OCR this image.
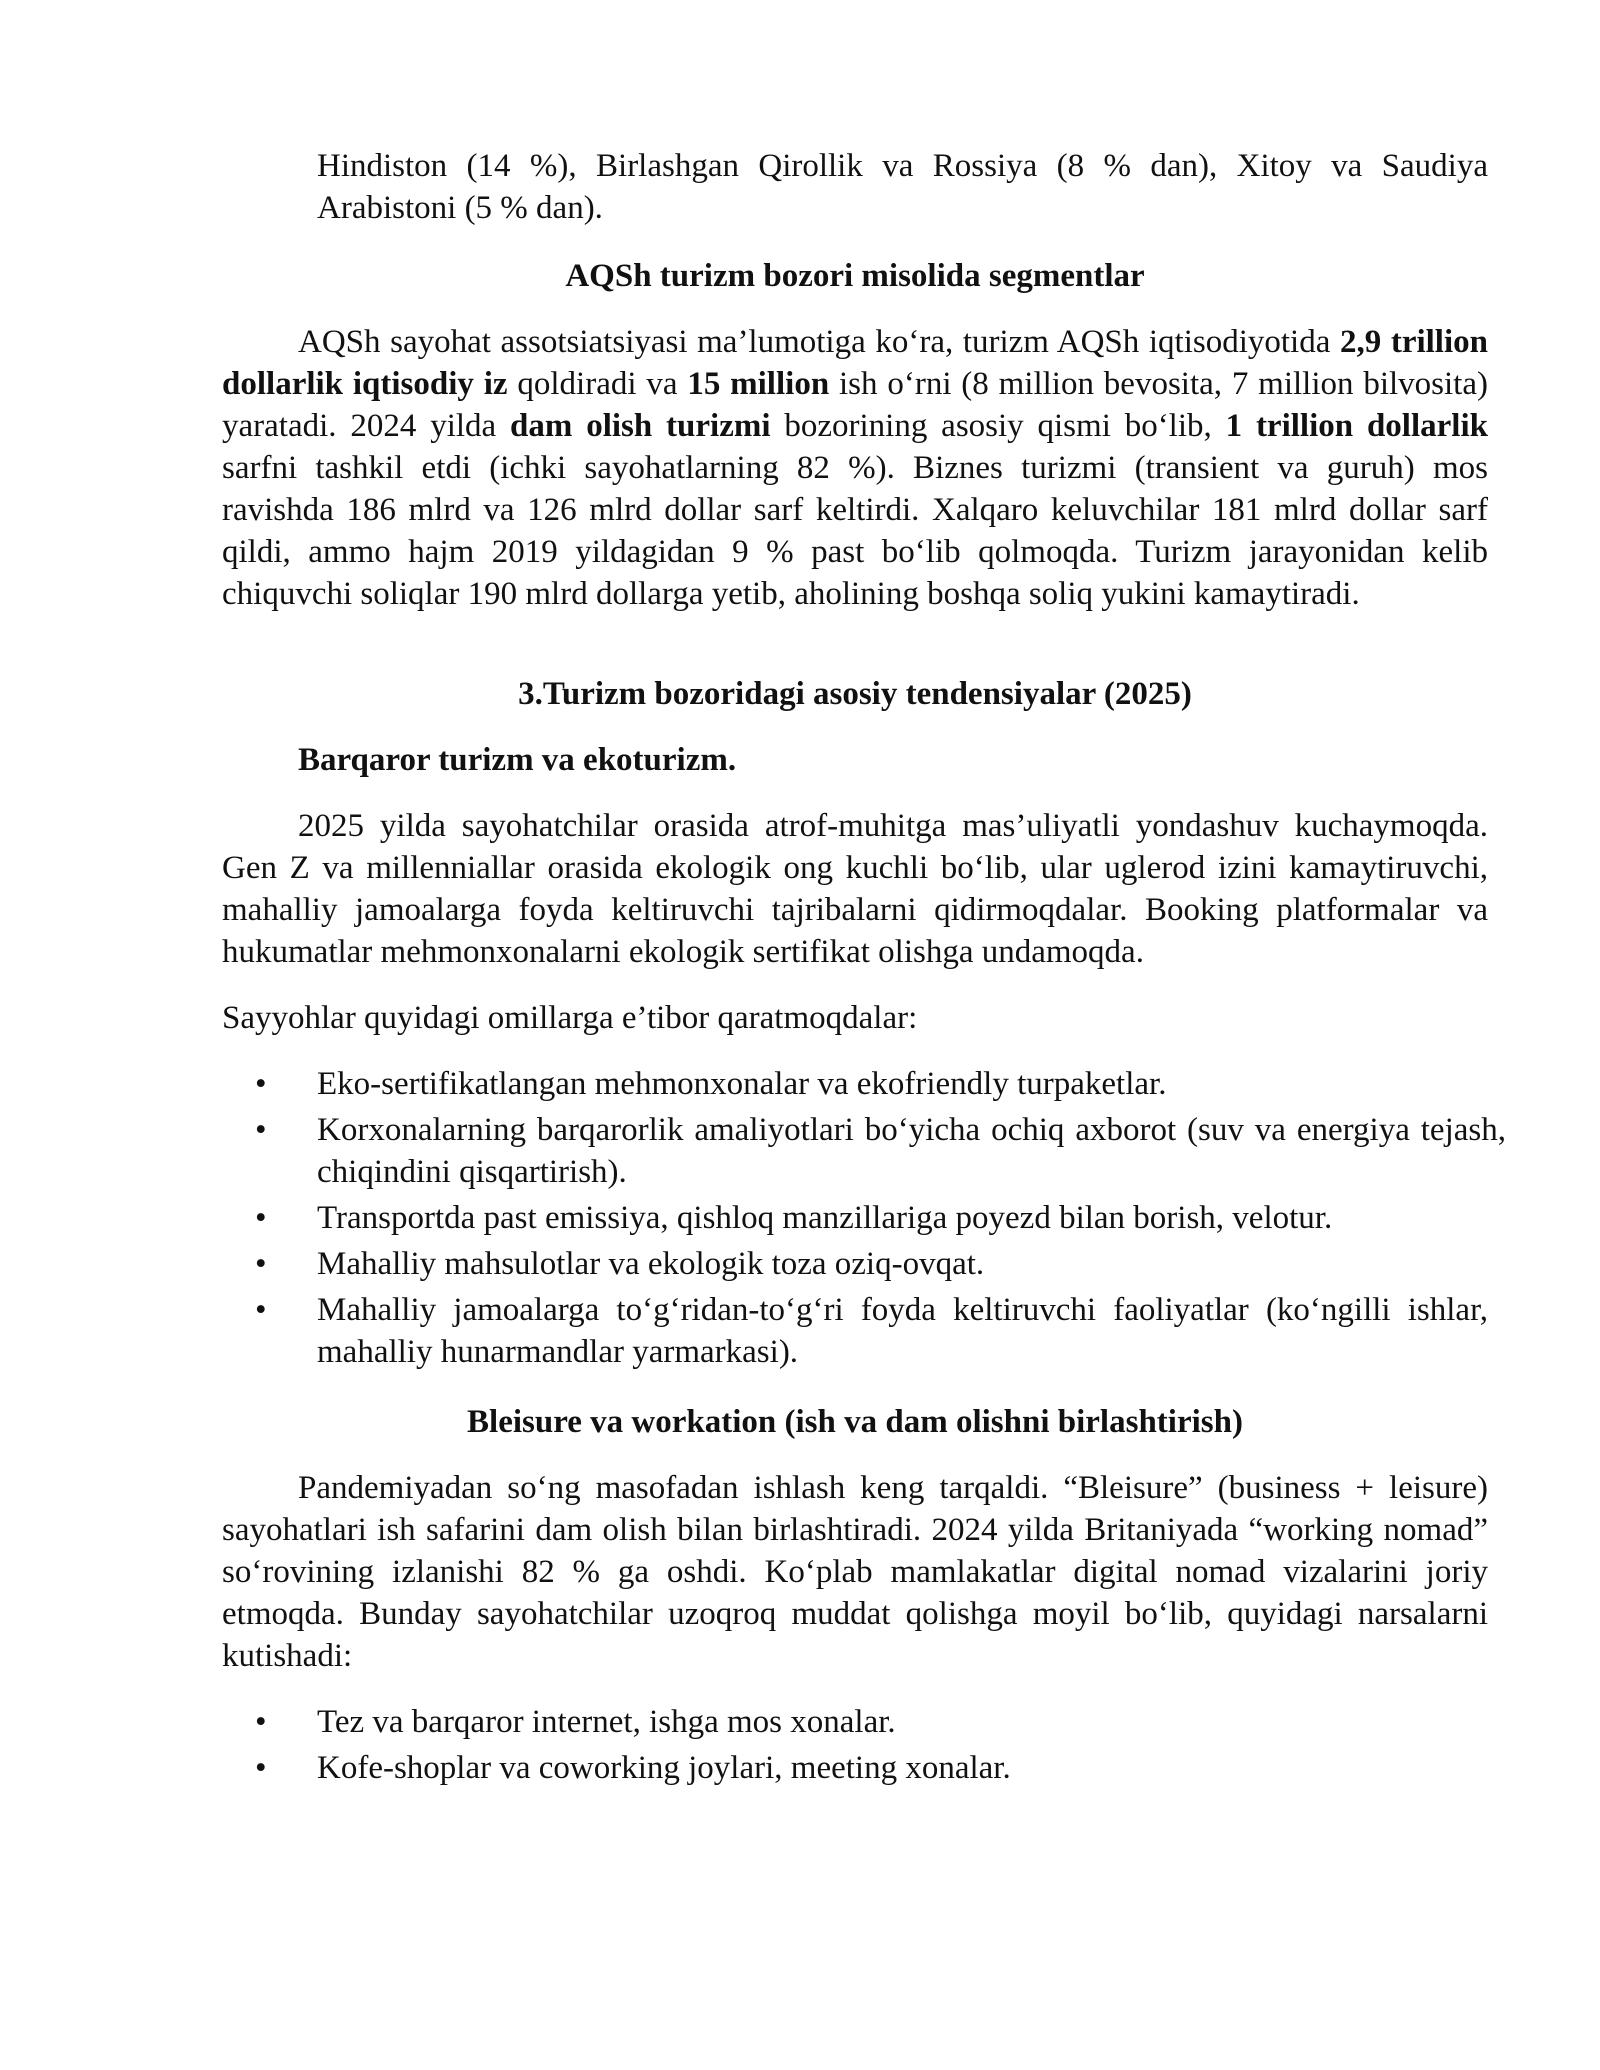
Hindiston (14 %), Birlashgan Qirollik va Rossiya (8 % dan), Xitoy va Saudiya Arabistoni (5 % dan).

AQSh turizm bozori misolida segmentlar

AQSh sayohat assotsiatsiyasi ma’lumotiga ko‘ra, turizm AQSh iqtisodiyotida 2,9 trillion dollarlik iqtisodiy iz qoldiradi va 15 million ish o‘rni (8 million bevosita, 7 million bilvosita) yaratadi. 2024 yilda dam olish turizmi bozorining asosiy qismi bo‘lib, 1 trillion dollarlik sarfni tashkil etdi (ichki sayohatlarning 82 %). Biznes turizmi (transient va guruh) mos ravishda 186 mlrd va 126 mlrd dollar sarf keltirdi. Xalqaro keluvchilar 181 mlrd dollar sarf qildi, ammo hajm 2019 yildagidan 9 % past bo‘lib qolmoqda. Turizm jarayonidan kelib chiquvchi soliqlar 190 mlrd dollarga yetib, aholining boshqa soliq yukini kamaytiradi.

3.Turizm bozoridagi asosiy tendensiyalar (2025)
Barqaror turizm va ekoturizm.

2025 yilda sayohatchilar orasida atrof-muhitga mas’uliyatli yondashuv kuchaymoqda. Gen Z va millenniallar orasida ekologik ong kuchli bo‘lib, ular uglerod izini kamaytiruvchi, mahalliy jamoalarga foyda keltiruvchi tajribalarni qidirmoqdalar. Booking platformalar va hukumatlar mehmonxonalarni ekologik sertifikat olishga undamoqda.

Sayyohlar quyidagi omillarga e’tibor qaratmoqdalar:

• Eko-sertifikatlangan mehmonxonalar va ekofriendly turpaketlar.
• Korxonalarning barqarorlik amaliyotlari bo‘yicha ochiq axborot (suv va energiya tejash, chiqindini qisqartirish).
• Transportda past emissiya, qishloq manzillariga poyezd bilan borish, velotur.
• Mahalliy mahsulotlar va ekologik toza oziq-ovqat.
• Mahalliy jamoalarga to‘g‘ridan-to‘g‘ri foyda keltiruvchi faoliyatlar (ko‘ngilli ishlar, mahalliy hunarmandlar yarmarkasi).
Bleisure va workation (ish va dam olishni birlashtirish)

Pandemiyadan so‘ng masofadan ishlash keng tarqaldi. “Bleisure” (business + leisure) sayohatlari ish safarini dam olish bilan birlashtiradi. 2024 yilda Britaniyada “working nomad” so‘rovining izlanishi 82 % ga oshdi. Ko‘plab mamlakatlar digital nomad vizalarini joriy etmoqda. Bunday sayohatchilar uzoqroq muddat qolishga moyil bo‘lib, quyidagi narsalarni kutishadi:

• Tez va barqaror internet, ishga mos xonalar.
• Kofe-shoplar va coworking joylari, meeting xonalar.
